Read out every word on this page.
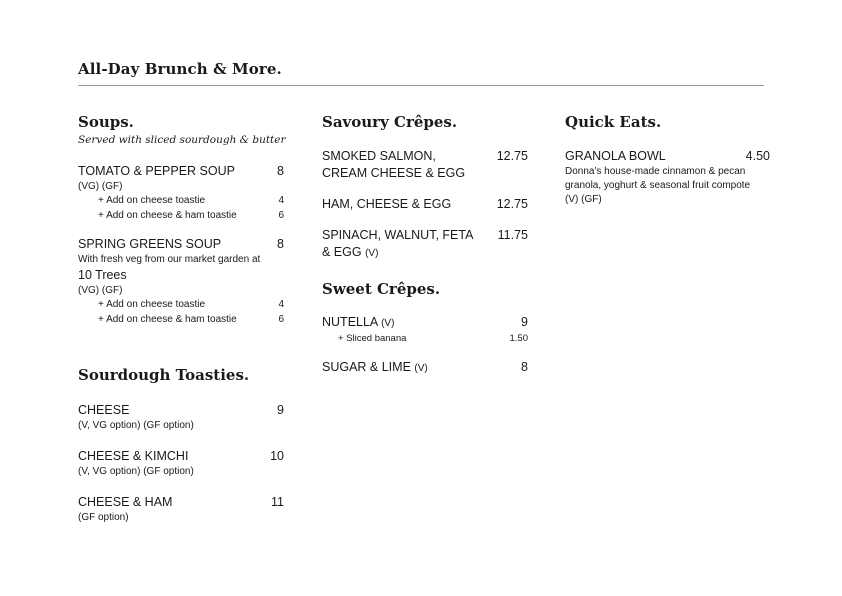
All-Day Brunch & More.
Soups.
Served with sliced sourdough & butter
TOMATO & PEPPER SOUP	8
(VG) (GF)
+ Add on cheese toastie	4
+ Add on cheese & ham toastie	6
SPRING GREENS SOUP	8
With fresh veg from our market garden at
10 Trees
(VG) (GF)
+ Add on cheese toastie	4
+ Add on cheese & ham toastie	6
Sourdough Toasties.
CHEESE	9
(V, VG option) (GF option)
CHEESE & KIMCHI	10
(V, VG option) (GF option)
CHEESE & HAM	11
(GF option)
Savoury Crêpes.
SMOKED SALMON,
CREAM CHEESE & EGG
12.75
HAM, CHEESE & EGG	12.75
SPINACH, WALNUT, FETA
& EGG (V)
11.75
Sweet Crêpes.
NUTELLA (V)	9
+ Sliced banana	1.50
SUGAR & LIME (V)	8
Quick Eats.
GRANOLA BOWL	4.50
Donna's house-made cinnamon & pecan
granola, yoghurt & seasonal fruit compote
(V) (GF)
